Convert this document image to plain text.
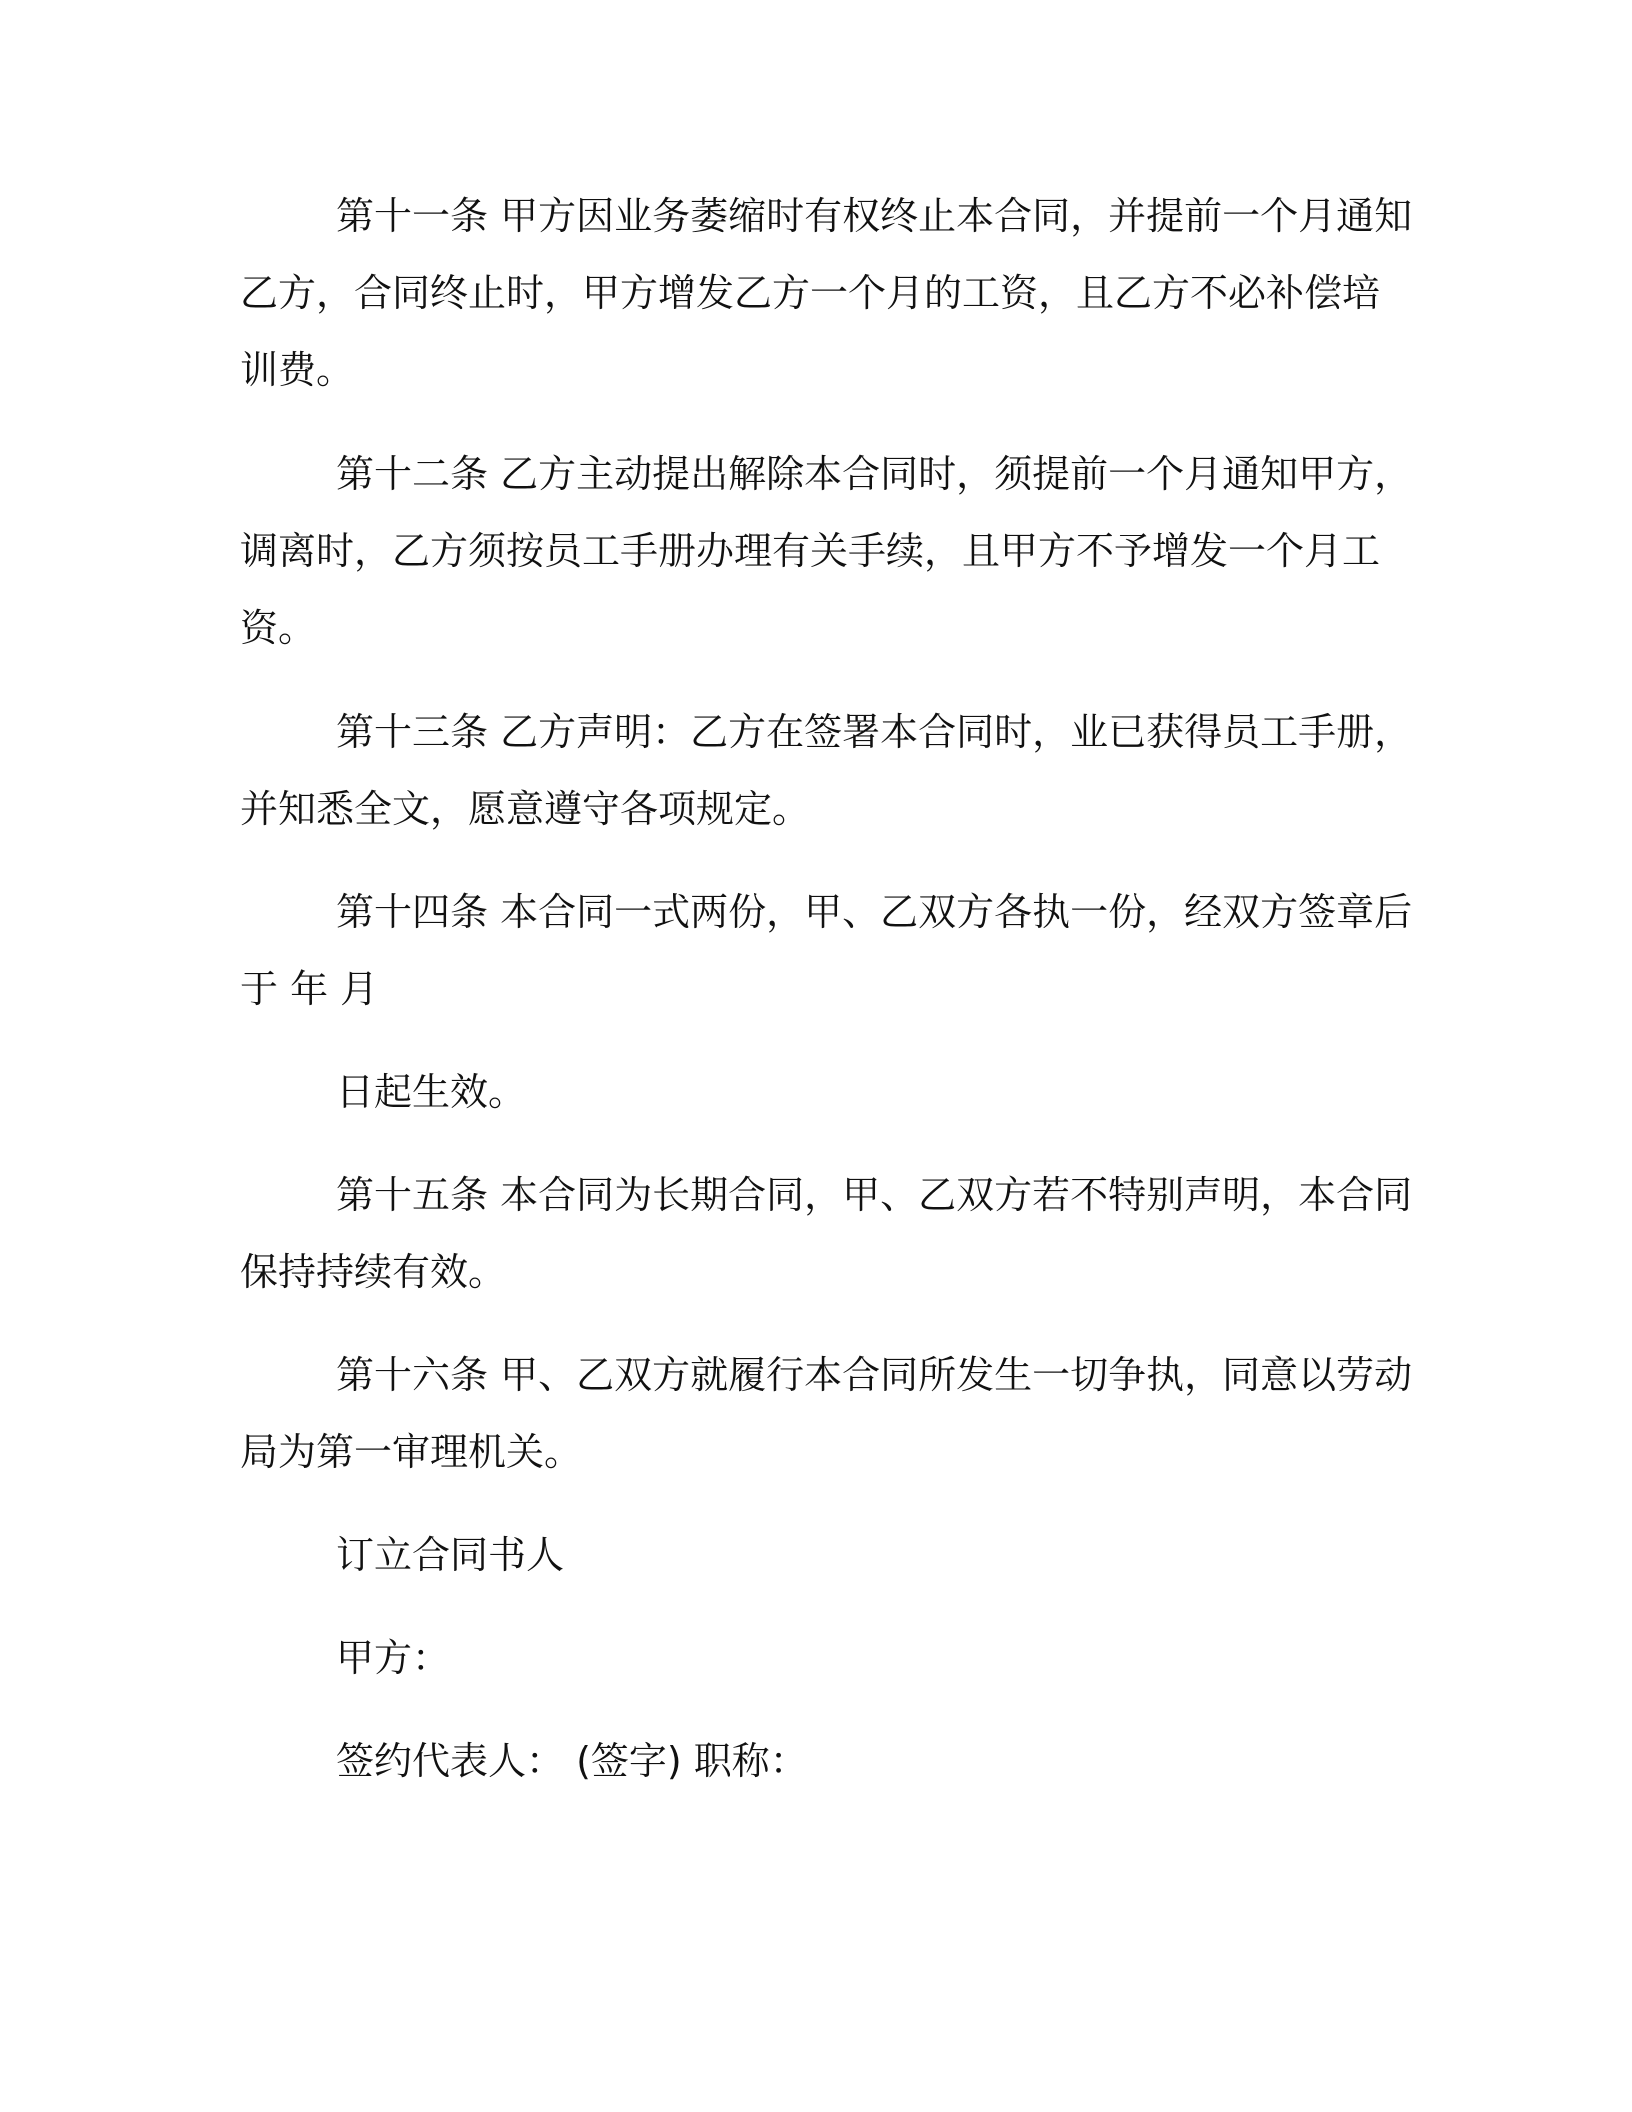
第十一条 甲方因业务萎缩时有权终止本合同，并提前一个月通知
乙方，合同终止时，甲方增发乙方一个月的工资，且乙方不必补偿培
训费。
第十二条 乙方主动提出解除本合同时，须提前一个月通知甲方，
调离时，乙方须按员工手册办理有关手续，且甲方不予增发一个月工
资。
第十三条 乙方声明：乙方在签署本合同时，业已获得员工手册，
并知悉全文，愿意遵守各项规定。
第十四条 本合同一式两份，甲、乙双方各执一份，经双方签章后
于 年 月
日起生效。
第十五条 本合同为长期合同，甲、乙双方若不特别声明，本合同
保持持续有效。
第十六条 甲、乙双方就履行本合同所发生一切争执，同意以劳动
局为第一审理机关。
订立合同书人
甲方：
签约代表人： (签字) 职称：
